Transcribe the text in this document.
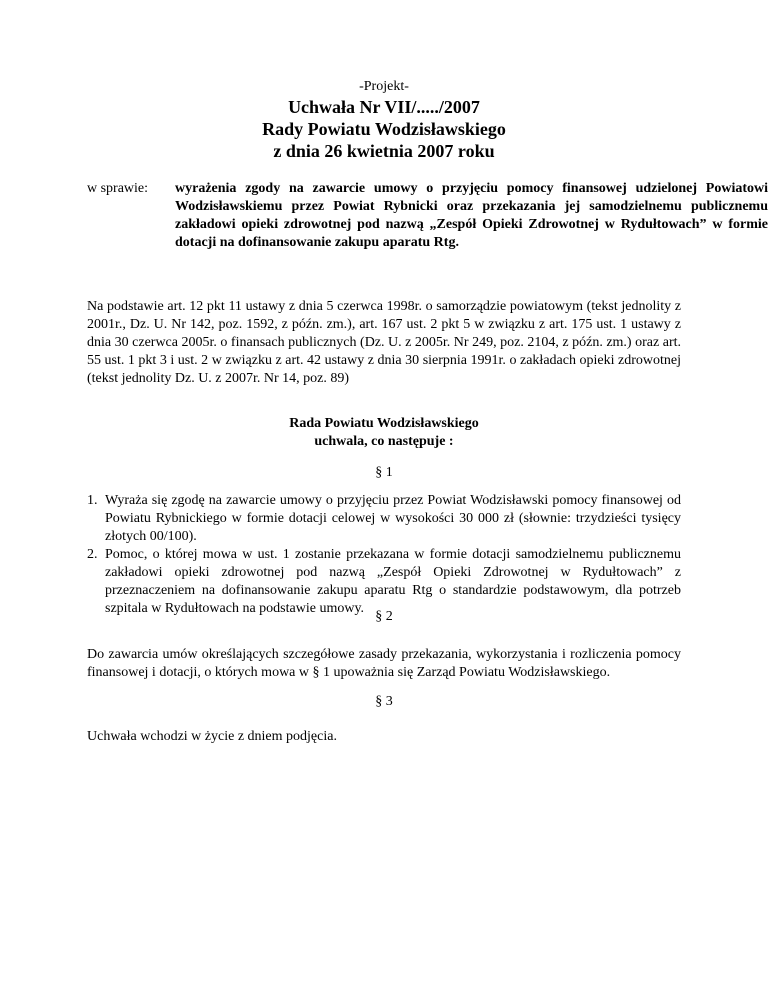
-Projekt-
Uchwała Nr VII/...../2007
Rady Powiatu Wodzisławskiego
z dnia 26 kwietnia 2007 roku
w sprawie: wyrażenia zgody na zawarcie umowy o przyjęciu pomocy finansowej udzielonej Powiatowi Wodzisławskiemu przez Powiat Rybnicki oraz przekazania jej samodzielnemu publicznemu zakładowi opieki zdrowotnej pod nazwą „Zespół Opieki Zdrowotnej w Rydułtowach” w formie dotacji na dofinansowanie zakupu aparatu Rtg.
Na podstawie art. 12 pkt 11 ustawy z dnia 5 czerwca 1998r. o samorządzie powiatowym (tekst jednolity z 2001r., Dz. U. Nr 142, poz. 1592, z późn. zm.), art. 167 ust. 2 pkt 5 w związku z art. 175 ust. 1 ustawy z dnia 30 czerwca 2005r. o finansach publicznych (Dz. U. z 2005r. Nr 249, poz. 2104, z późn. zm.) oraz art. 55 ust. 1 pkt 3 i ust. 2 w związku z art. 42 ustawy z dnia 30 sierpnia 1991r. o zakładach opieki zdrowotnej (tekst jednolity Dz. U. z 2007r. Nr 14, poz. 89)
Rada Powiatu Wodzisławskiego
uchwala, co następuje :
§ 1
1. Wyraża się zgodę na zawarcie umowy o przyjęciu przez Powiat Wodzisławski pomocy finansowej od Powiatu Rybnickiego w formie dotacji celowej w wysokości 30 000 zł (słownie: trzydzieści tysięcy złotych 00/100).
2. Pomoc, o której mowa w ust. 1 zostanie przekazana w formie dotacji samodzielnemu publicznemu zakładowi opieki zdrowotnej pod nazwą „Zespół Opieki Zdrowotnej w Rydułtowach” z przeznaczeniem na dofinansowanie zakupu aparatu Rtg o standardzie podstawowym, dla potrzeb szpitala w Rydułtowach na podstawie umowy.
§ 2
Do zawarcia umów określających szczegółowe zasady przekazania, wykorzystania i rozliczenia pomocy finansowej i dotacji, o których mowa w § 1 upoważnia się Zarząd Powiatu Wodzisławskiego.
§ 3
Uchwała wchodzi w życie z dniem podjęcia.
